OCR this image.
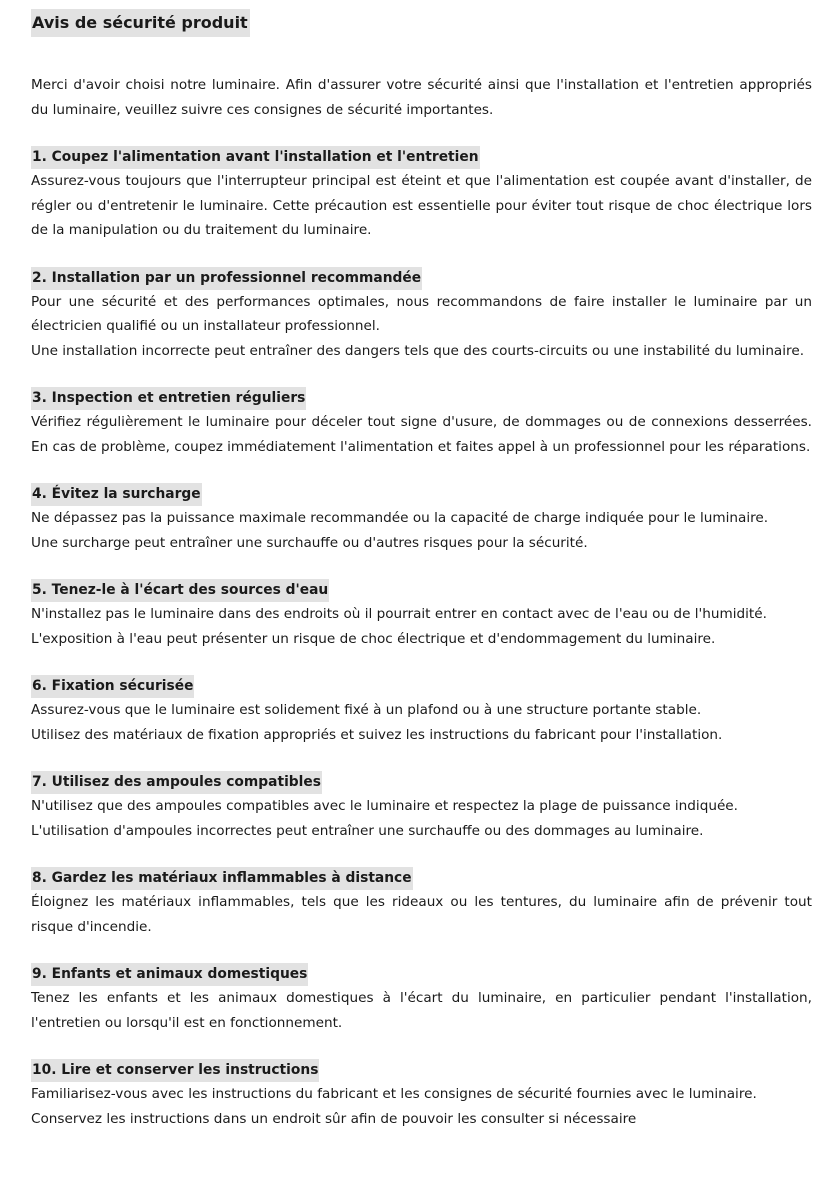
Avis de sécurité produit
Merci d'avoir choisi notre luminaire. Afin d'assurer votre sécurité ainsi que l'installation et l'entretien appropriés du luminaire, veuillez suivre ces consignes de sécurité importantes.
1. Coupez l'alimentation avant l'installation et l'entretien

Assurez-vous toujours que l'interrupteur principal est éteint et que l'alimentation est coupée avant d'installer, de régler ou d'entretenir le luminaire. Cette précaution est essentielle pour éviter tout risque de choc électrique lors de la manipulation ou du traitement du luminaire.

2. Installation par un professionnel recommandée

Pour une sécurité et des performances optimales, nous recommandons de faire installer le luminaire par un électricien qualifié ou un installateur professionnel.

Une installation incorrecte peut entraîner des dangers tels que des courts-circuits ou une instabilité du luminaire.

3. Inspection et entretien réguliers

Vérifiez régulièrement le luminaire pour déceler tout signe d'usure, de dommages ou de connexions desserrées. En cas de problème, coupez immédiatement l'alimentation et faites appel à un professionnel pour les réparations.

4. Évitez la surcharge

Ne dépassez pas la puissance maximale recommandée ou la capacité de charge indiquée pour le luminaire.

Une surcharge peut entraîner une surchauffe ou d'autres risques pour la sécurité.

5. Tenez-le à l'écart des sources d'eau

N'installez pas le luminaire dans des endroits où il pourrait entrer en contact avec de l'eau ou de l'humidité.

L'exposition à l'eau peut présenter un risque de choc électrique et d'endommagement du luminaire.

6. Fixation sécurisée

Assurez-vous que le luminaire est solidement fixé à un plafond ou à une structure portante stable.

Utilisez des matériaux de fixation appropriés et suivez les instructions du fabricant pour l'installation.

7. Utilisez des ampoules compatibles

N'utilisez que des ampoules compatibles avec le luminaire et respectez la plage de puissance indiquée.

L'utilisation d'ampoules incorrectes peut entraîner une surchauffe ou des dommages au luminaire.

8. Gardez les matériaux inflammables à distance

Éloignez les matériaux inflammables, tels que les rideaux ou les tentures, du luminaire afin de prévenir tout risque d'incendie.

9. Enfants et animaux domestiques

Tenez les enfants et les animaux domestiques à l'écart du luminaire, en particulier pendant l'installation, l'entretien ou lorsqu'il est en fonctionnement.

10. Lire et conserver les instructions

Familiarisez-vous avec les instructions du fabricant et les consignes de sécurité fournies avec le luminaire.

Conservez les instructions dans un endroit sûr afin de pouvoir les consulter si nécessaire
